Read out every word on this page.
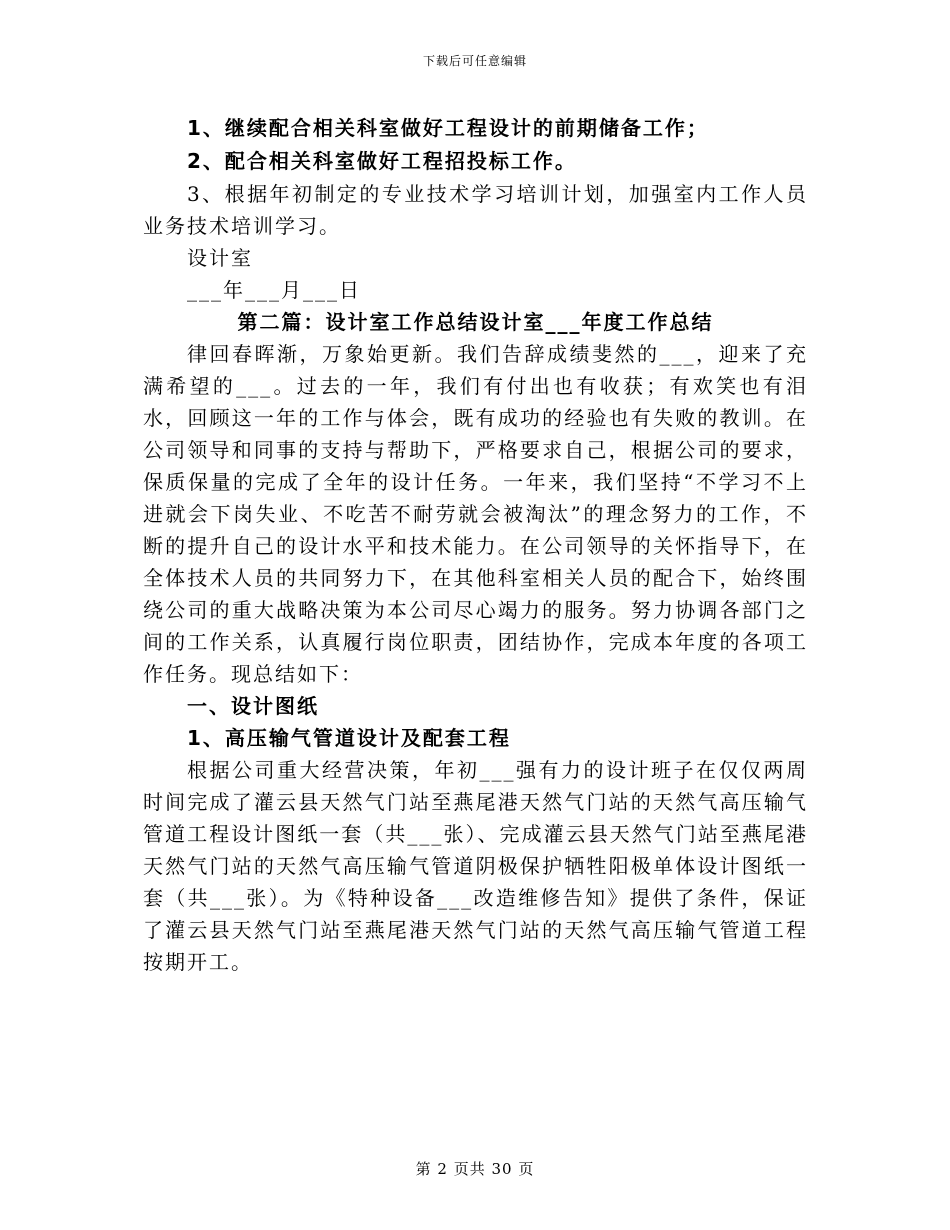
下载后可任意编辑

1、继续配合相关科室做好工程设计的前期储备工作；

2、配合相关科室做好工程招投标工作。

3、根据年初制定的专业技术学习培训计划，加强室内工作人员业务技术培训学习。

设计室

___年___月___日

第二篇：设计室工作总结设计室___年度工作总结

律回春晖渐，万象始更新。我们告辞成绩斐然的___，迎来了充满希望的___。过去的一年，我们有付出也有收获；有欢笑也有泪水，回顾这一年的工作与体会，既有成功的经验也有失败的教训。在公司领导和同事的支持与帮助下，严格要求自己，根据公司的要求，保质保量的完成了全年的设计任务。一年来，我们坚持“不学习不上进就会下岗失业、不吃苦不耐劳就会被淘汰”的理念努力的工作，不断的提升自己的设计水平和技术能力。在公司领导的关怀指导下，在全体技术人员的共同努力下，在其他科室相关人员的配合下，始终围绕公司的重大战略决策为本公司尽心竭力的服务。努力协调各部门之间的工作关系，认真履行岗位职责，团结协作，完成本年度的各项工作任务。现总结如下：

一、设计图纸

1、高压输气管道设计及配套工程

根据公司重大经营决策，年初___强有力的设计班子在仅仅两周时间完成了灌云县天然气门站至燕尾港天然气门站的天然气高压输气管道工程设计图纸一套（共___张）、完成灌云县天然气门站至燕尾港天然气门站的天然气高压输气管道阴极保护牺牲阳极单体设计图纸一套（共___张）。为《特种设备___改造维修告知》提供了条件，保证了灌云县天然气门站至燕尾港天然气门站的天然气高压输气管道工程按期开工。

第 2 页共 30 页
